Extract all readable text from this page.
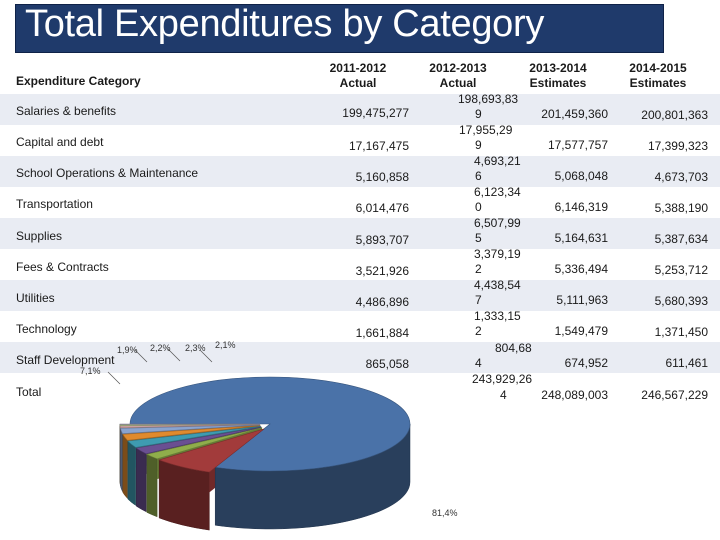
Total Expenditures by Category
81,4%
7,1%
1,9% 2,2% 2,3% 2,1%
Expenditure Category
2011-2012
Actual
2012-2013
Actual
2013-2014
Estimates
2014-2015
Estimates
Salaries & benefits
Capital and debt
School Operations & Maintenance
Transportation
Supplies
Fees & Contracts
Utilities
Technology
Staff Development
Total
199,475,277
17,167,475
5,160,858
6,014,476
5,893,707
3,521,926
4,486,896
1,661,884
865,058
198,693,83
9
17,955,29
9
4,693,21
6
6,123,34
0
6,507,99
5
3,379,19
2
4,438,54
7
1,333,15
2
804,68
4
243,929,26
4
201,459,360
17,577,757
5,068,048
6,146,319
5,164,631
5,336,494
5,111,963
1,549,479
674,952
248,089,003
200,801,363
17,399,323
4,673,703
5,388,190
5,387,634
5,253,712
5,680,393
1,371,450
611,461
246,567,229
